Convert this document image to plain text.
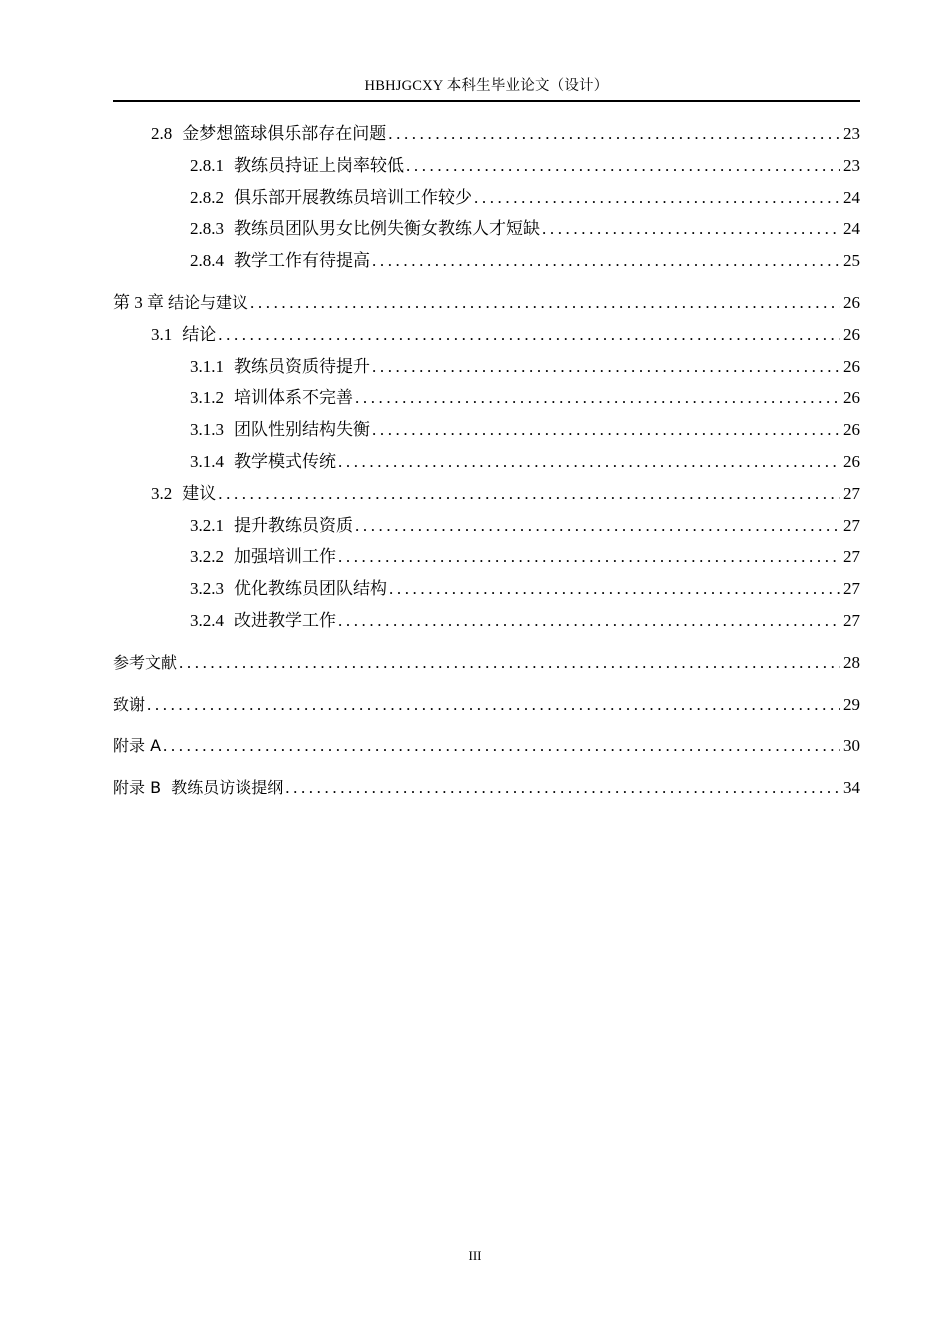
HBHJGCXY 本科生毕业论文（设计）
2.8 金梦想篮球俱乐部存在问题 .....	23
2.8.1 教练员持证上岗率较低 .....	23
2.8.2 俱乐部开展教练员培训工作较少 .....	24
2.8.3 教练员团队男女比例失衡女教练人才短缺 .....	24
2.8.4 教学工作有待提高 .....	25
第 3 章 结论与建议 .....	26
3.1 结论 .....	26
3.1.1 教练员资质待提升 .....	26
3.1.2 培训体系不完善 .....	26
3.1.3 团队性别结构失衡 .....	26
3.1.4 教学模式传统 .....	26
3.2 建议 .....	27
3.2.1 提升教练员资质 .....	27
3.2.2 加强培训工作 .....	27
3.2.3 优化教练员团队结构 .....	27
3.2.4 改进教学工作 .....	27
参考文献 .....	28
致谢 .....	29
附录 A .....	30
附录 B  教练员访谈提纲 .....	34
III
